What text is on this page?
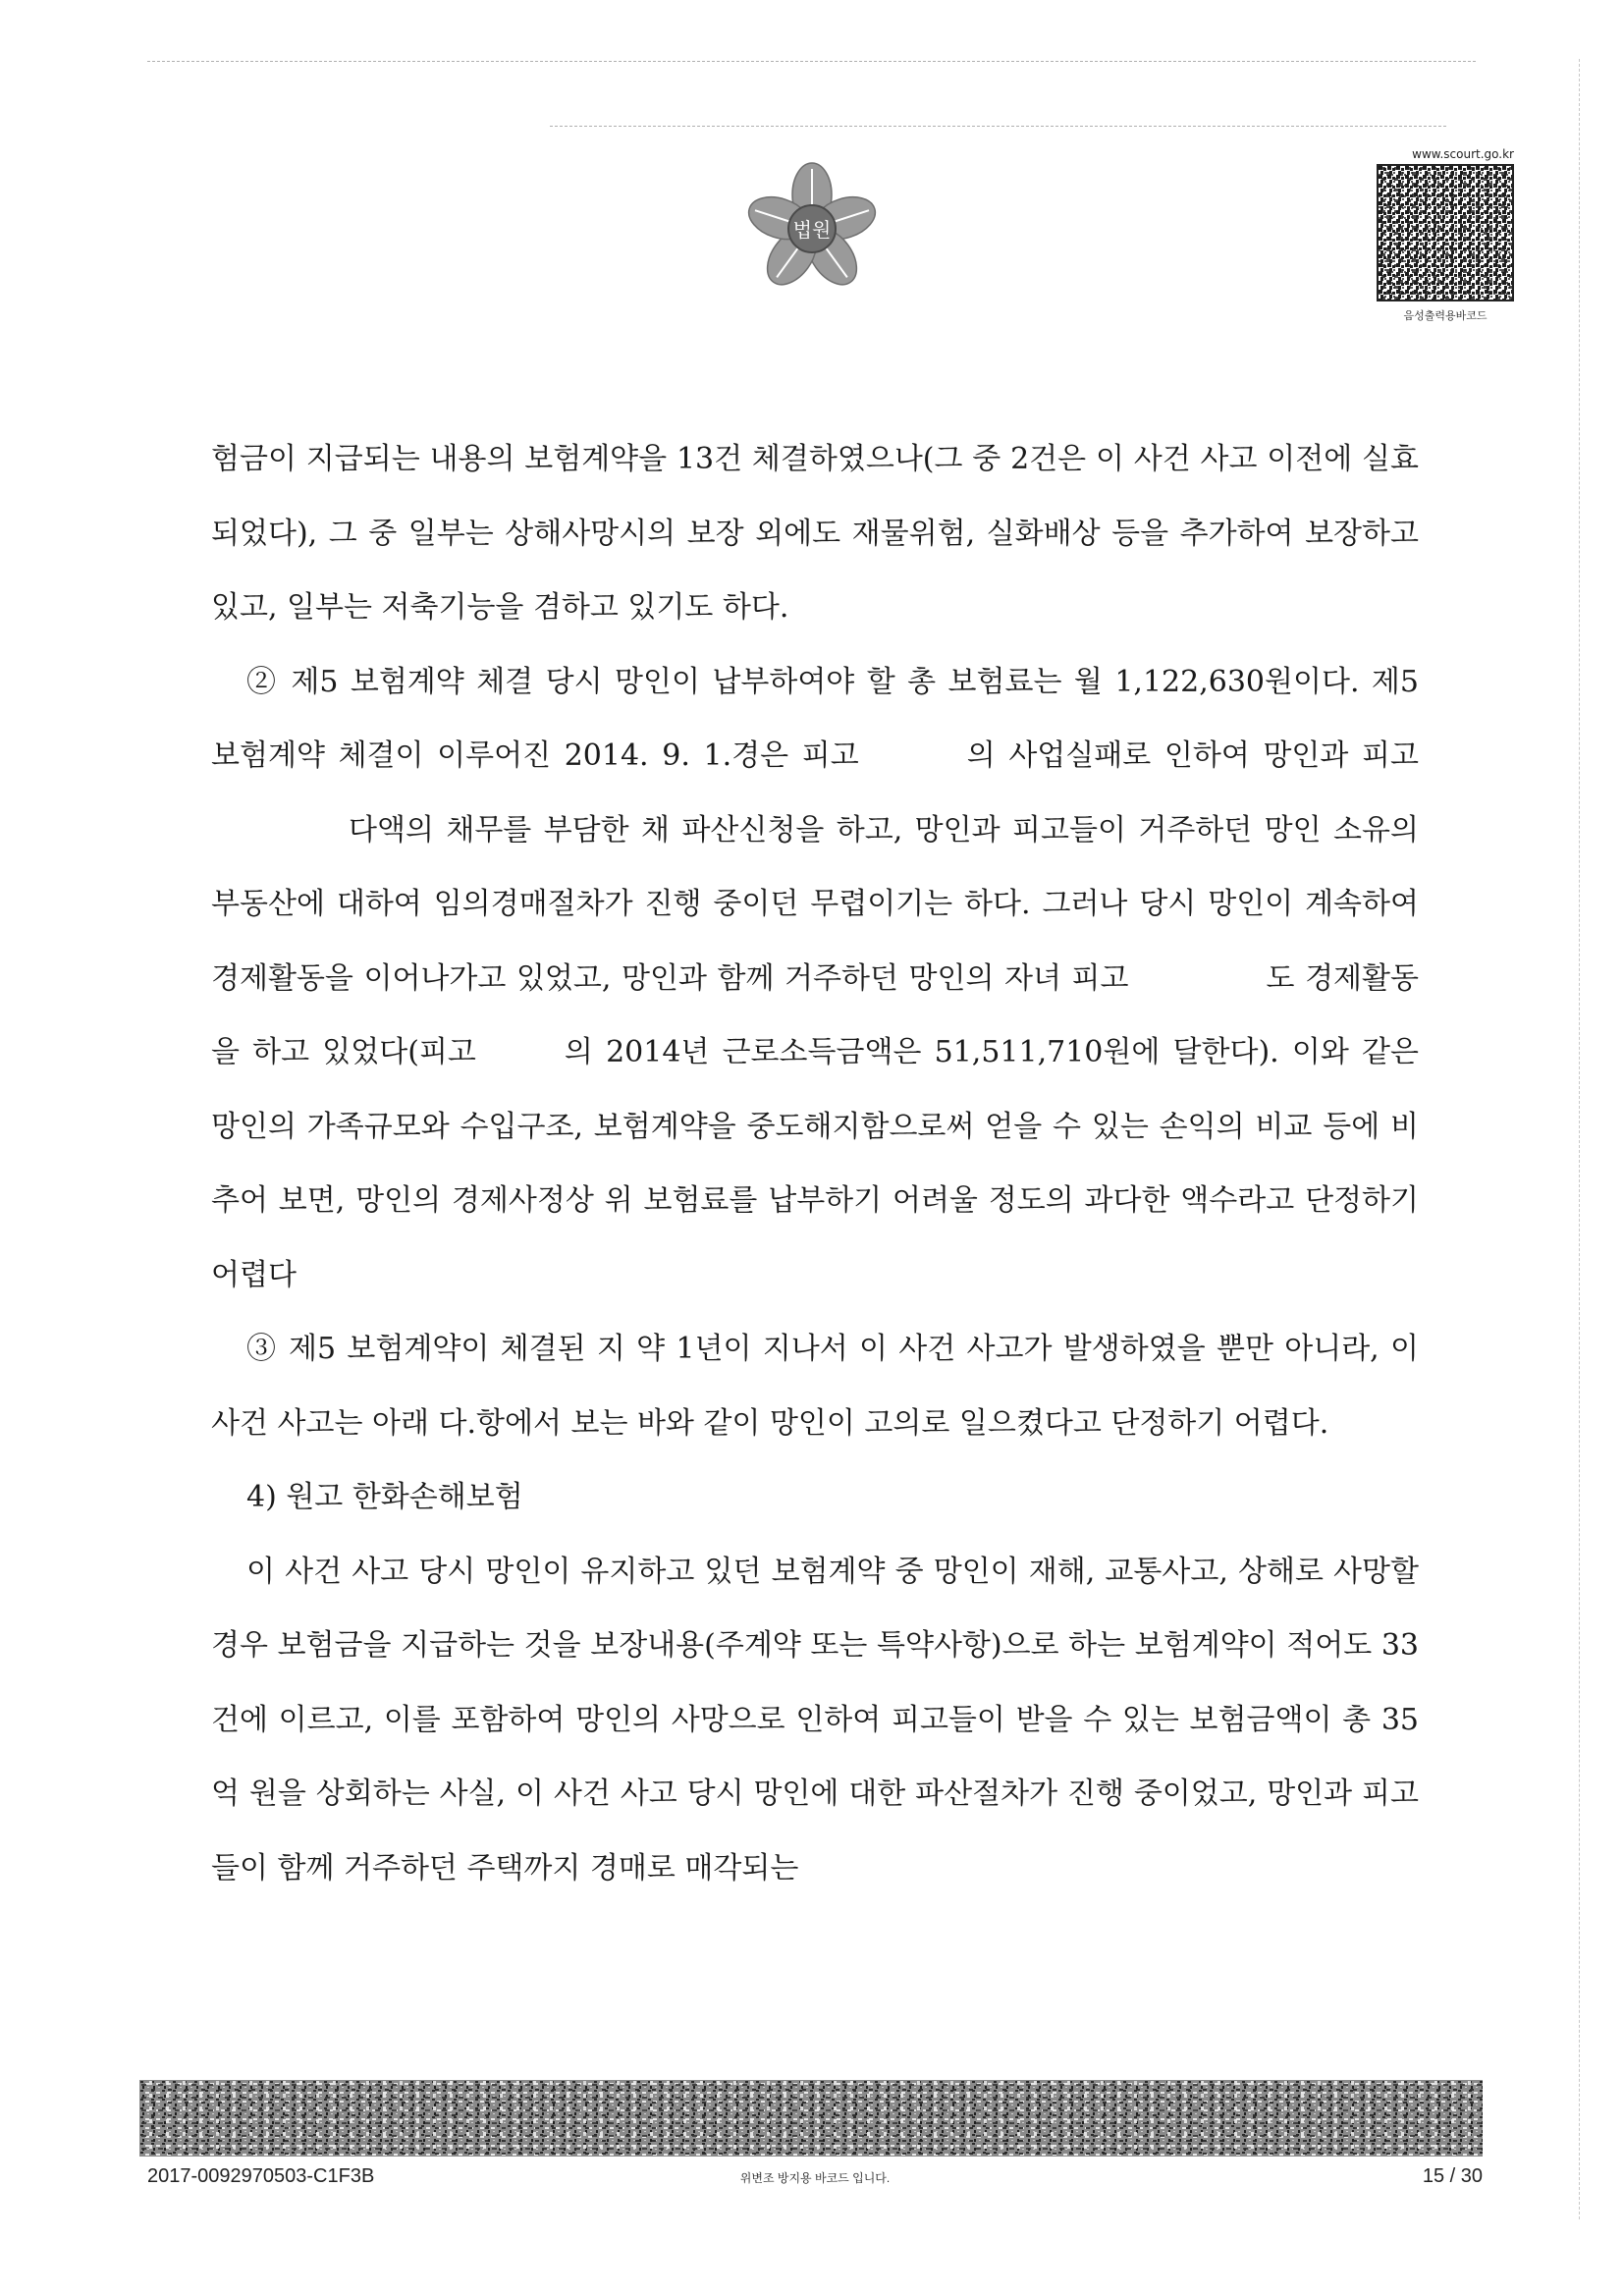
법원
www.scourt.go.kr
음성출력용바코드

험금이 지급되는 내용의 보험계약을 13건 체결하였으나(그 중 2건은 이 사건 사고 이전에 실효되었다), 그 중 일부는 상해사망시의 보장 외에도 재물위험, 실화배상 등을 추가하여 보장하고 있고, 일부는 저축기능을 겸하고 있기도 하다.

② 제5 보험계약 체결 당시 망인이 납부하여야 할 총 보험료는 월 1,122,630원이다. 제5 보험계약 체결이 이루어진 2014. 9. 1.경은 피고	의 사업실패로 인하여 망인과 피고다액의 채무를 부담한 채 파산신청을 하고, 망인과 피고들이 거주하던 망인 소유의 부동산에 대하여 임의경매절차가 진행 중이던 무렵이기는 하다. 그러나 당시 망인이 계속하여 경제활동을 이어나가고 있었고, 망인과 함께 거주하던 망인의 자녀 피고	도 경제활동을 하고 있었다(피고	의 2014년 근로소득금액은 51,511,710원에 달한다). 이와 같은 망인의 가족규모와 수입구조, 보험계약을 중도해지함으로써 얻을 수 있는 손익의 비교 등에 비추어 보면, 망인의 경제사정상 위 보험료를 납부하기 어려울 정도의 과다한 액수라고 단정하기 어렵다

③ 제5 보험계약이 체결된 지 약 1년이 지나서 이 사건 사고가 발생하였을 뿐만 아니라, 이 사건 사고는 아래 다.항에서 보는 바와 같이 망인이 고의로 일으켰다고 단정하기 어렵다.

4) 원고 한화손해보험

이 사건 사고 당시 망인이 유지하고 있던 보험계약 중 망인이 재해, 교통사고, 상해로 사망할 경우 보험금을 지급하는 것을 보장내용(주계약 또는 특약사항)으로 하는 보험계약이 적어도 33건에 이르고, 이를 포함하여 망인의 사망으로 인하여 피고들이 받을 수 있는 보험금액이 총 35억 원을 상회하는 사실, 이 사건 사고 당시 망인에 대한 파산절차가 진행 중이었고, 망인과 피고들이 함께 거주하던 주택까지 경매로 매각되는

2017-0092970503-C1F3B	위변조 방지용 바코드 입니다.	15 / 30
